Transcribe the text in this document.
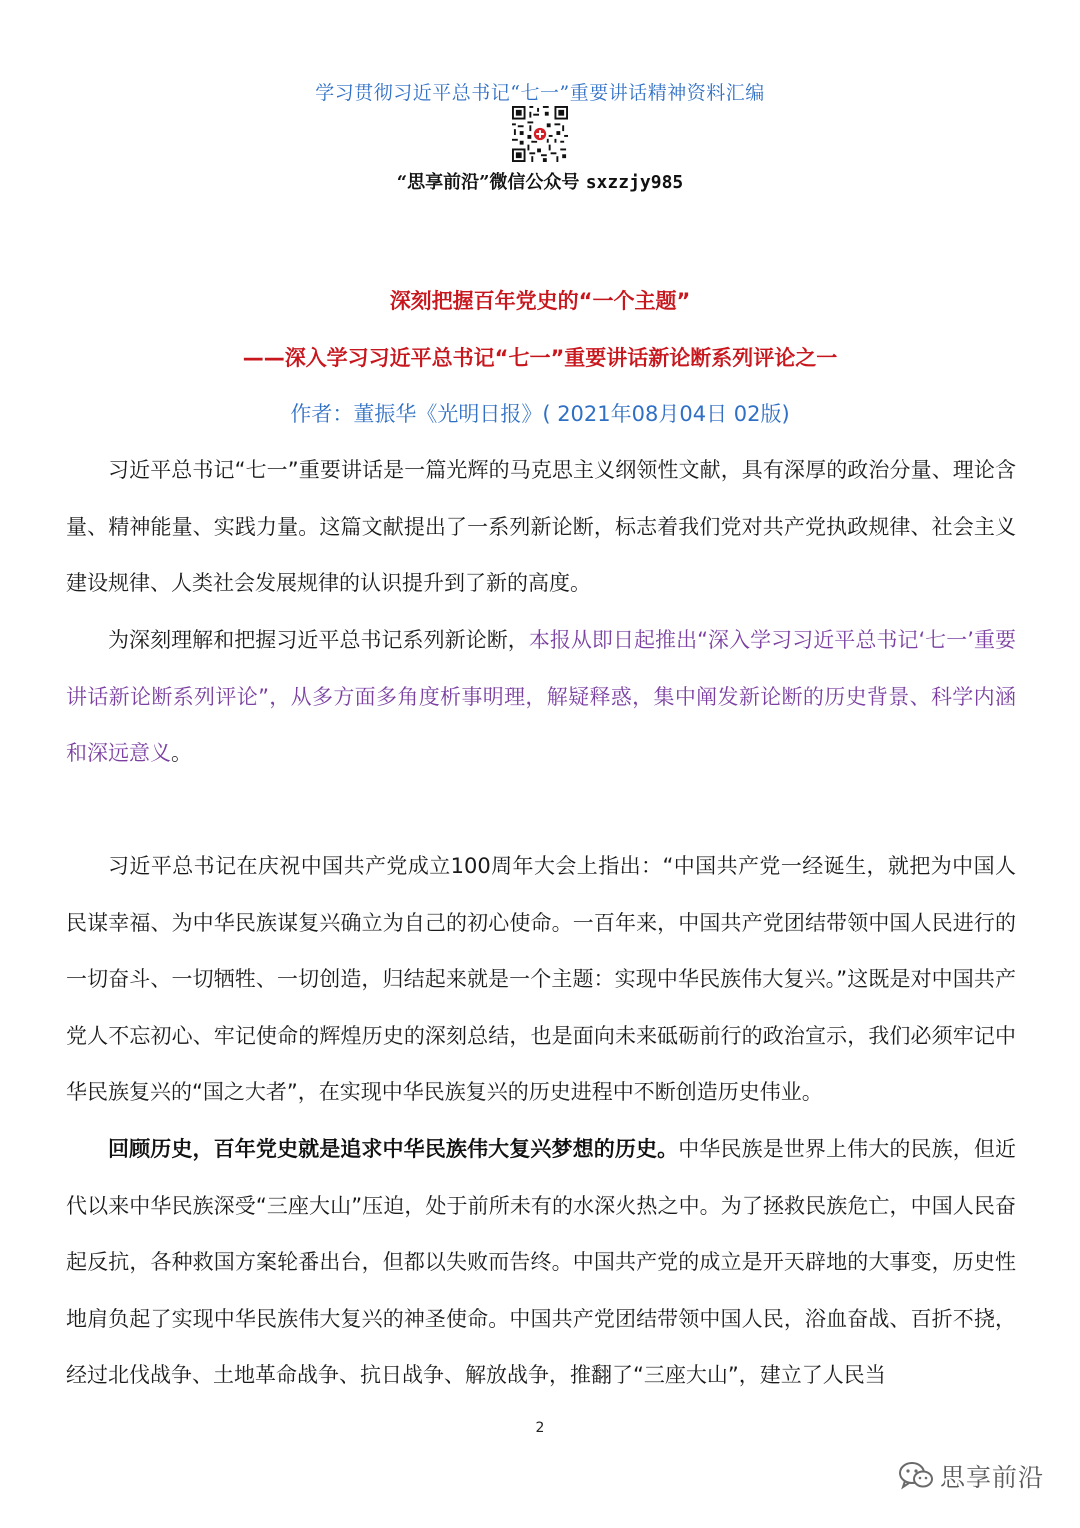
学习贯彻习近平总书记“七一”重要讲话精神资料汇编
“思享前沿”微信公众号 sxzzjy985
深刻把握百年党史的“一个主题”
——深入学习习近平总书记“七一”重要讲话新论断系列评论之一
作者：董振华《光明日报》( 2021年08月04日 02版)

习近平总书记“七一”重要讲话是一篇光辉的马克思主义纲领性文献，具有深厚的政治分量、理论含量、精神能量、实践力量。这篇文献提出了一系列新论断，标志着我们党对共产党执政规律、社会主义建设规律、人类社会发展规律的认识提升到了新的高度。

为深刻理解和把握习近平总书记系列新论断，本报从即日起推出“深入学习习近平总书记‘七一’重要讲话新论断系列评论”，从多方面多角度析事明理，解疑释惑，集中阐发新论断的历史背景、科学内涵和深远意义。

习近平总书记在庆祝中国共产党成立100周年大会上指出：“中国共产党一经诞生，就把为中国人民谋幸福、为中华民族谋复兴确立为自己的初心使命。一百年来，中国共产党团结带领中国人民进行的一切奋斗、一切牺牲、一切创造，归结起来就是一个主题：实现中华民族伟大复兴。”这既是对中国共产党人不忘初心、牢记使命的辉煌历史的深刻总结，也是面向未来砥砺前行的政治宣示，我们必须牢记中华民族复兴的“国之大者”，在实现中华民族复兴的历史进程中不断创造历史伟业。

回顾历史，百年党史就是追求中华民族伟大复兴梦想的历史。中华民族是世界上伟大的民族，但近代以来中华民族深受“三座大山”压迫，处于前所未有的水深火热之中。为了拯救民族危亡，中国人民奋起反抗，各种救国方案轮番出台，但都以失败而告终。中国共产党的成立是开天辟地的大事变，历史性地肩负起了实现中华民族伟大复兴的神圣使命。中国共产党团结带领中国人民，浴血奋战、百折不挠，经过北伐战争、土地革命战争、抗日战争、解放战争，推翻了“三座大山”，建立了人民当

2
思享前沿
